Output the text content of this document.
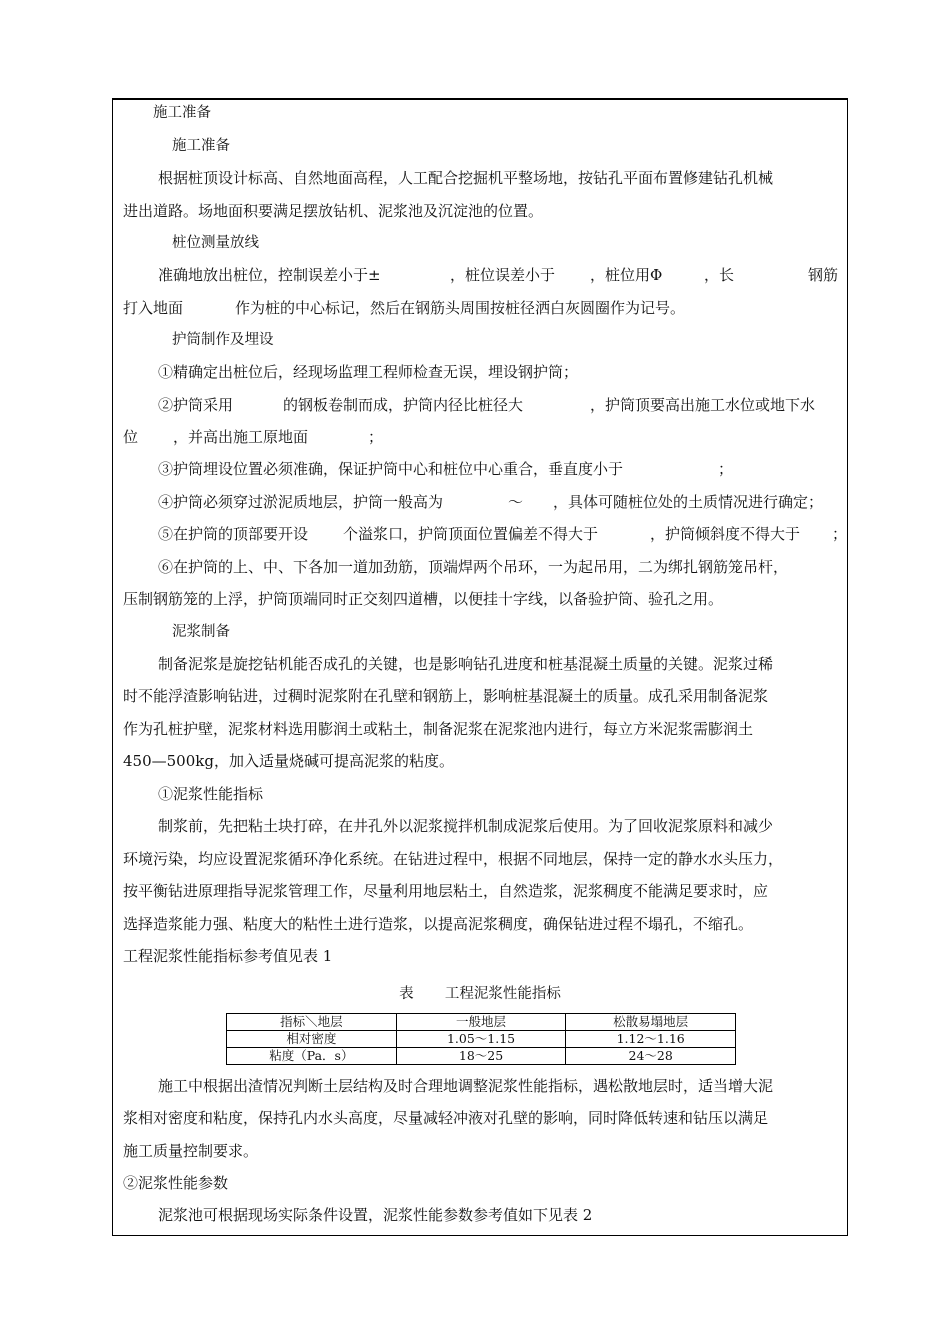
施工准备
施工准备
根据桩顶设计标高、自然地面高程，人工配合挖掘机平整场地，按钻孔平面布置修建钻孔机械
进出道路。场地面积要满足摆放钻机、泥浆池及沉淀池的位置。
桩位测量放线
准确地放出桩位，控制误差小于±	，桩位误差小于 ，桩位用Φ	，长	钢筋
打入地面	作为桩的中心标记，然后在钢筋头周围按桩径洒白灰圆圈作为记号。
护筒制作及埋设
①精确定出桩位后，经现场监理工程师检查无误，埋设钢护筒；
②护筒采用	的钢板卷制而成，护筒内径比桩径大	，护筒顶要高出施工水位或地下水
位 ，并高出施工原地面	；
③护筒埋设位置必须准确，保证护筒中心和桩位中心重合，垂直度小于	；
④护筒必须穿过淤泥质地层，护筒一般高为	～ ，具体可随桩位处的土质情况进行确定；
⑤在护筒的顶部要开设 个溢浆口，护筒顶面位置偏差不得大于	，护筒倾斜度不得大于 ；
⑥在护筒的上、中、下各加一道加劲筋，顶端焊两个吊环，一为起吊用，二为绑扎钢筋笼吊杆，
压制钢筋笼的上浮，护筒顶端同时正交刻四道槽，以便挂十字线，以备验护筒、验孔之用。
泥浆制备
制备泥浆是旋挖钻机能否成孔的关键，也是影响钻孔进度和桩基混凝土质量的关键。泥浆过稀
时不能浮渣影响钻进，过稠时泥浆附在孔壁和钢筋上，影响桩基混凝土的质量。成孔采用制备泥浆
作为孔桩护壁，泥浆材料选用膨润土或粘土，制备泥浆在泥浆池内进行，每立方米泥浆需膨润土
450—500kg，加入适量烧碱可提高泥浆的粘度。
①泥浆性能指标
制浆前，先把粘土块打碎，在井孔外以泥浆搅拌机制成泥浆后使用。为了回收泥浆原料和减少
环境污染，均应设置泥浆循环净化系统。在钻进过程中，根据不同地层，保持一定的静水水头压力，
按平衡钻进原理指导泥浆管理工作，尽量利用地层粘土，自然造浆，泥浆稠度不能满足要求时，应
选择造浆能力强、粘度大的粘性土进行造浆，以提高泥浆稠度，确保钻进过程不塌孔，不缩孔。
工程泥浆性能指标参考值见表 1
表 工程泥浆性能指标
指标＼地层	一般地层	松散易塌地层
相对密度	1.05～1.15	1.12～1.16
粘度（Pa．s）	18～25	24～28
施工中根据出渣情况判断土层结构及时合理地调整泥浆性能指标，遇松散地层时，适当增大泥
浆相对密度和粘度，保持孔内水头高度，尽量减轻冲液对孔壁的影响，同时降低转速和钻压以满足
施工质量控制要求。
②泥浆性能参数
泥浆池可根据现场实际条件设置，泥浆性能参数参考值如下见表 2
